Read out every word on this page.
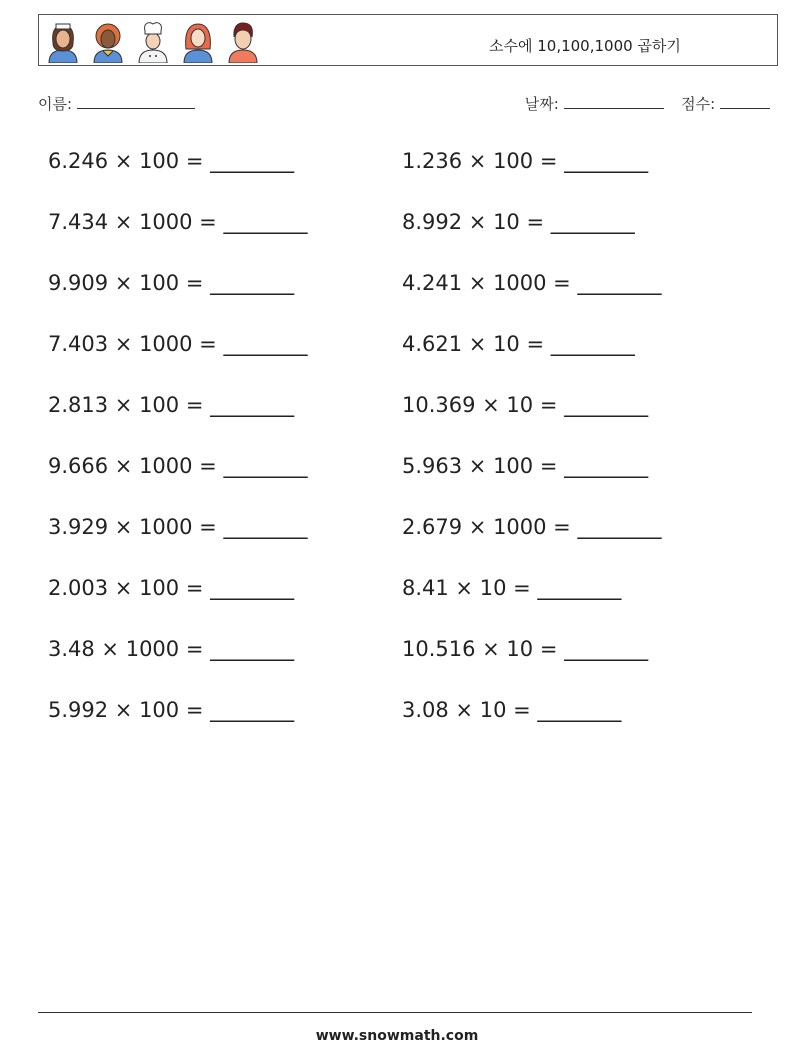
소수에 10,100,1000 곱하기
이름:	날짜:	점수:
6.246 × 100 = ________	1.236 × 100 = ________
7.434 × 1000 = ________	8.992 × 10 = ________
9.909 × 100 = ________	4.241 × 1000 = ________
7.403 × 1000 = ________	4.621 × 10 = ________
2.813 × 100 = ________	10.369 × 10 = ________
9.666 × 1000 = ________	5.963 × 100 = ________
3.929 × 1000 = ________	2.679 × 1000 = ________
2.003 × 100 = ________	8.41 × 10 = ________
3.48 × 1000 = ________	10.516 × 10 = ________
5.992 × 100 = ________	3.08 × 10 = ________
www.snowmath.com
